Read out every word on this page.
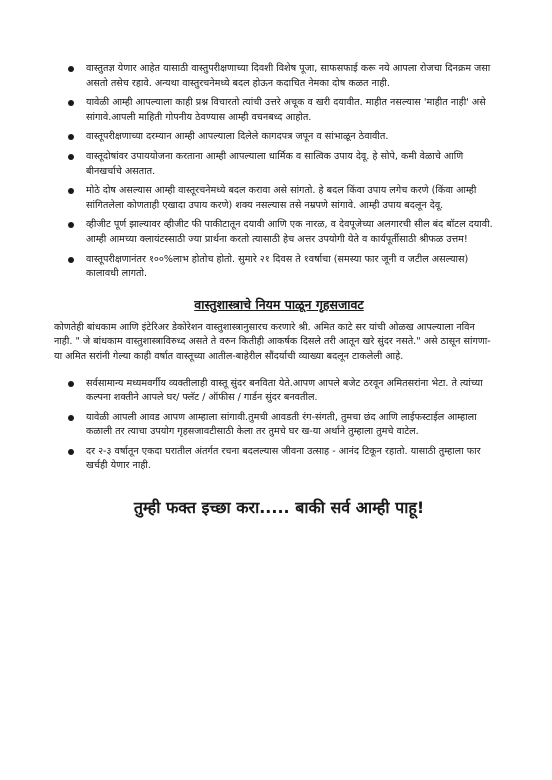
वास्तुतज्ञ येणार आहेत यासाठी वास्तुपरीक्षणाच्या दिवशी विशेष पूजा, साफसफाई करू नये आपला रोजचा दिनक्रम जसा असतो तसेच रहावे. अन्यथा वास्तुरचनेमध्ये बदल होऊन कदाचित नेमका दोष कळत नाही.
यावेळी आम्ही आपल्याला काही प्रश्न विचारतो त्यांची उत्तरे अचूक व खरी दयावीत. माहीत नसल्यास 'माहीत नाही' असे सांगावे.आपली माहिती गोपनीय ठेवण्यास आम्ही वचनबध्द आहोत.
वास्तूपरीक्षणाच्या दरम्यान आम्ही आपल्याला दिलेले कागदपत्र जपून व सांभाळून ठेवावीत.
वास्तूदोषांवर उपाययोजना करताना आम्ही आपल्याला धार्मिक व सात्विक उपाय देवू. हे सोपे, कमी वेळाचे आणि बीनखर्चाचे असतात.
मोठे दोष असल्यास आम्ही वास्तूरचनेमध्ये बदल करावा असे सांगतो. हे बदल किंवा उपाय लगेच करणे (किंवा आम्ही सांगितलेला कोणताही एखादा उपाय करणे) शक्य नसल्यास तसे नम्रपणे सांगावे. आम्ही उपाय बदलून देवू.
व्हीजीट पूर्ण झाल्यावर व्हीजीट फी पाकीटातून दयावी आणि एक नारळ, व देवपूजेच्या अलगारची सील बंद बॉटल दयावी. आम्ही आमच्या क्लायंटस्साठी ज्या प्रार्थना करतो त्यासाठी हेच अत्तर उपयोगी येते व कार्यपूर्तीसाठी श्रीफळ उत्तम!
वास्तूपरीक्षणानंतर १००%लाभ होतोच होतो. सुमारे २१ दिवस ते १वर्षाचा (समस्या फार जूनी व जटील असल्यास) कालावधी लागतो.
वास्तुशास्त्राचे नियम पाळून गृहसजावट

कोणतेही बांधकाम आणि इंटेरिअर डेकोरेशन वास्तुशास्त्रानुसारच करणारे श्री. अमित काटे सर यांची ओळख आपल्याला नविन नाही. " जे बांधकाम वास्तुशास्त्राविरुध्द असते ते वरुन कितीही आकर्षक दिसले तरी आतून खरे सुंदर नसते." असे ठासून सांगणा-या अमित सरांनी गेल्या काही वर्षात वास्तूच्या आतील-बाहेरील सौंदर्याची व्याख्या बदलून टाकलेली आहे.

सर्वसामान्य मध्यमवर्गीय व्यक्तीलाही वास्तू सुंदर बनविता येते.आपण आपले बजेट ठरवून अमितसरांना भेटा. ते त्यांच्या कल्पना शक्तीने आपले घर/ फ्लॅट / ऑफीस / गार्डन सुंदर बनवतील.
यावेळी आपली आवड आपण आम्हाला सांगावी.तुमची आवडती रंग-संगती, तुमचा छंद आणि लाईफस्टाईल आम्हाला कळाली तर त्याचा उपयोग गृहसजावटीसाठी केला तर तुमचे घर ख-या अर्थाने तुम्हाला तुमचे वाटेल.
दर २-३ वर्षातून एकदा घरातील अंतर्गत रचना बदलल्यास जीवना उत्साह - आनंद टिकून रहातो. यासाठी तुम्हाला फार खर्चही येणार नाही.
तुम्ही फक्त इच्छा करा..... बाकी सर्व आम्ही पाहू!
